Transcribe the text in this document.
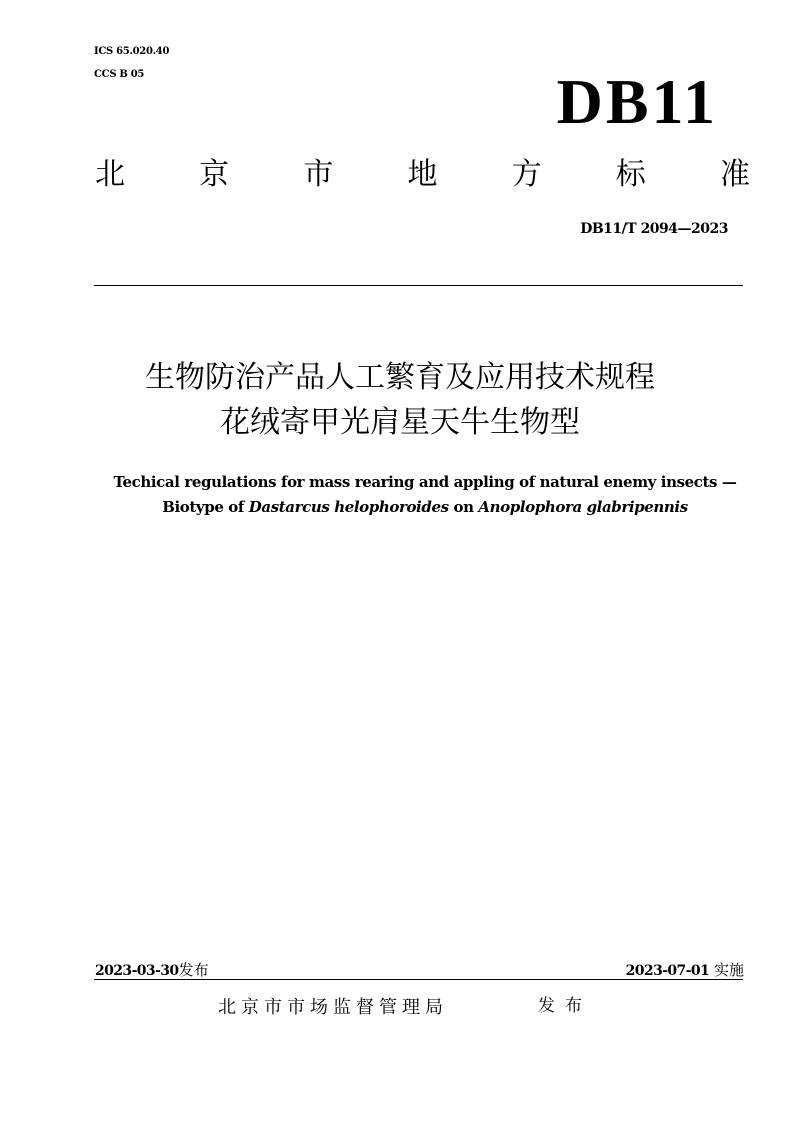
ICS 65.020.40
CCS B 05	DB11
北 京 市 地 方 标 准
DB11/T 2094—2023
生物防治产品人工繁育及应用技术规程
花绒寄甲光肩星天牛生物型
Techical regulations for mass rearing and appling of natural enemy insects — Biotype of Dastarcus helophoroides on Anoplophora glabripennis
2023-03-30发布	2023-07-01 实施
北京市市场监督管理局	发布
